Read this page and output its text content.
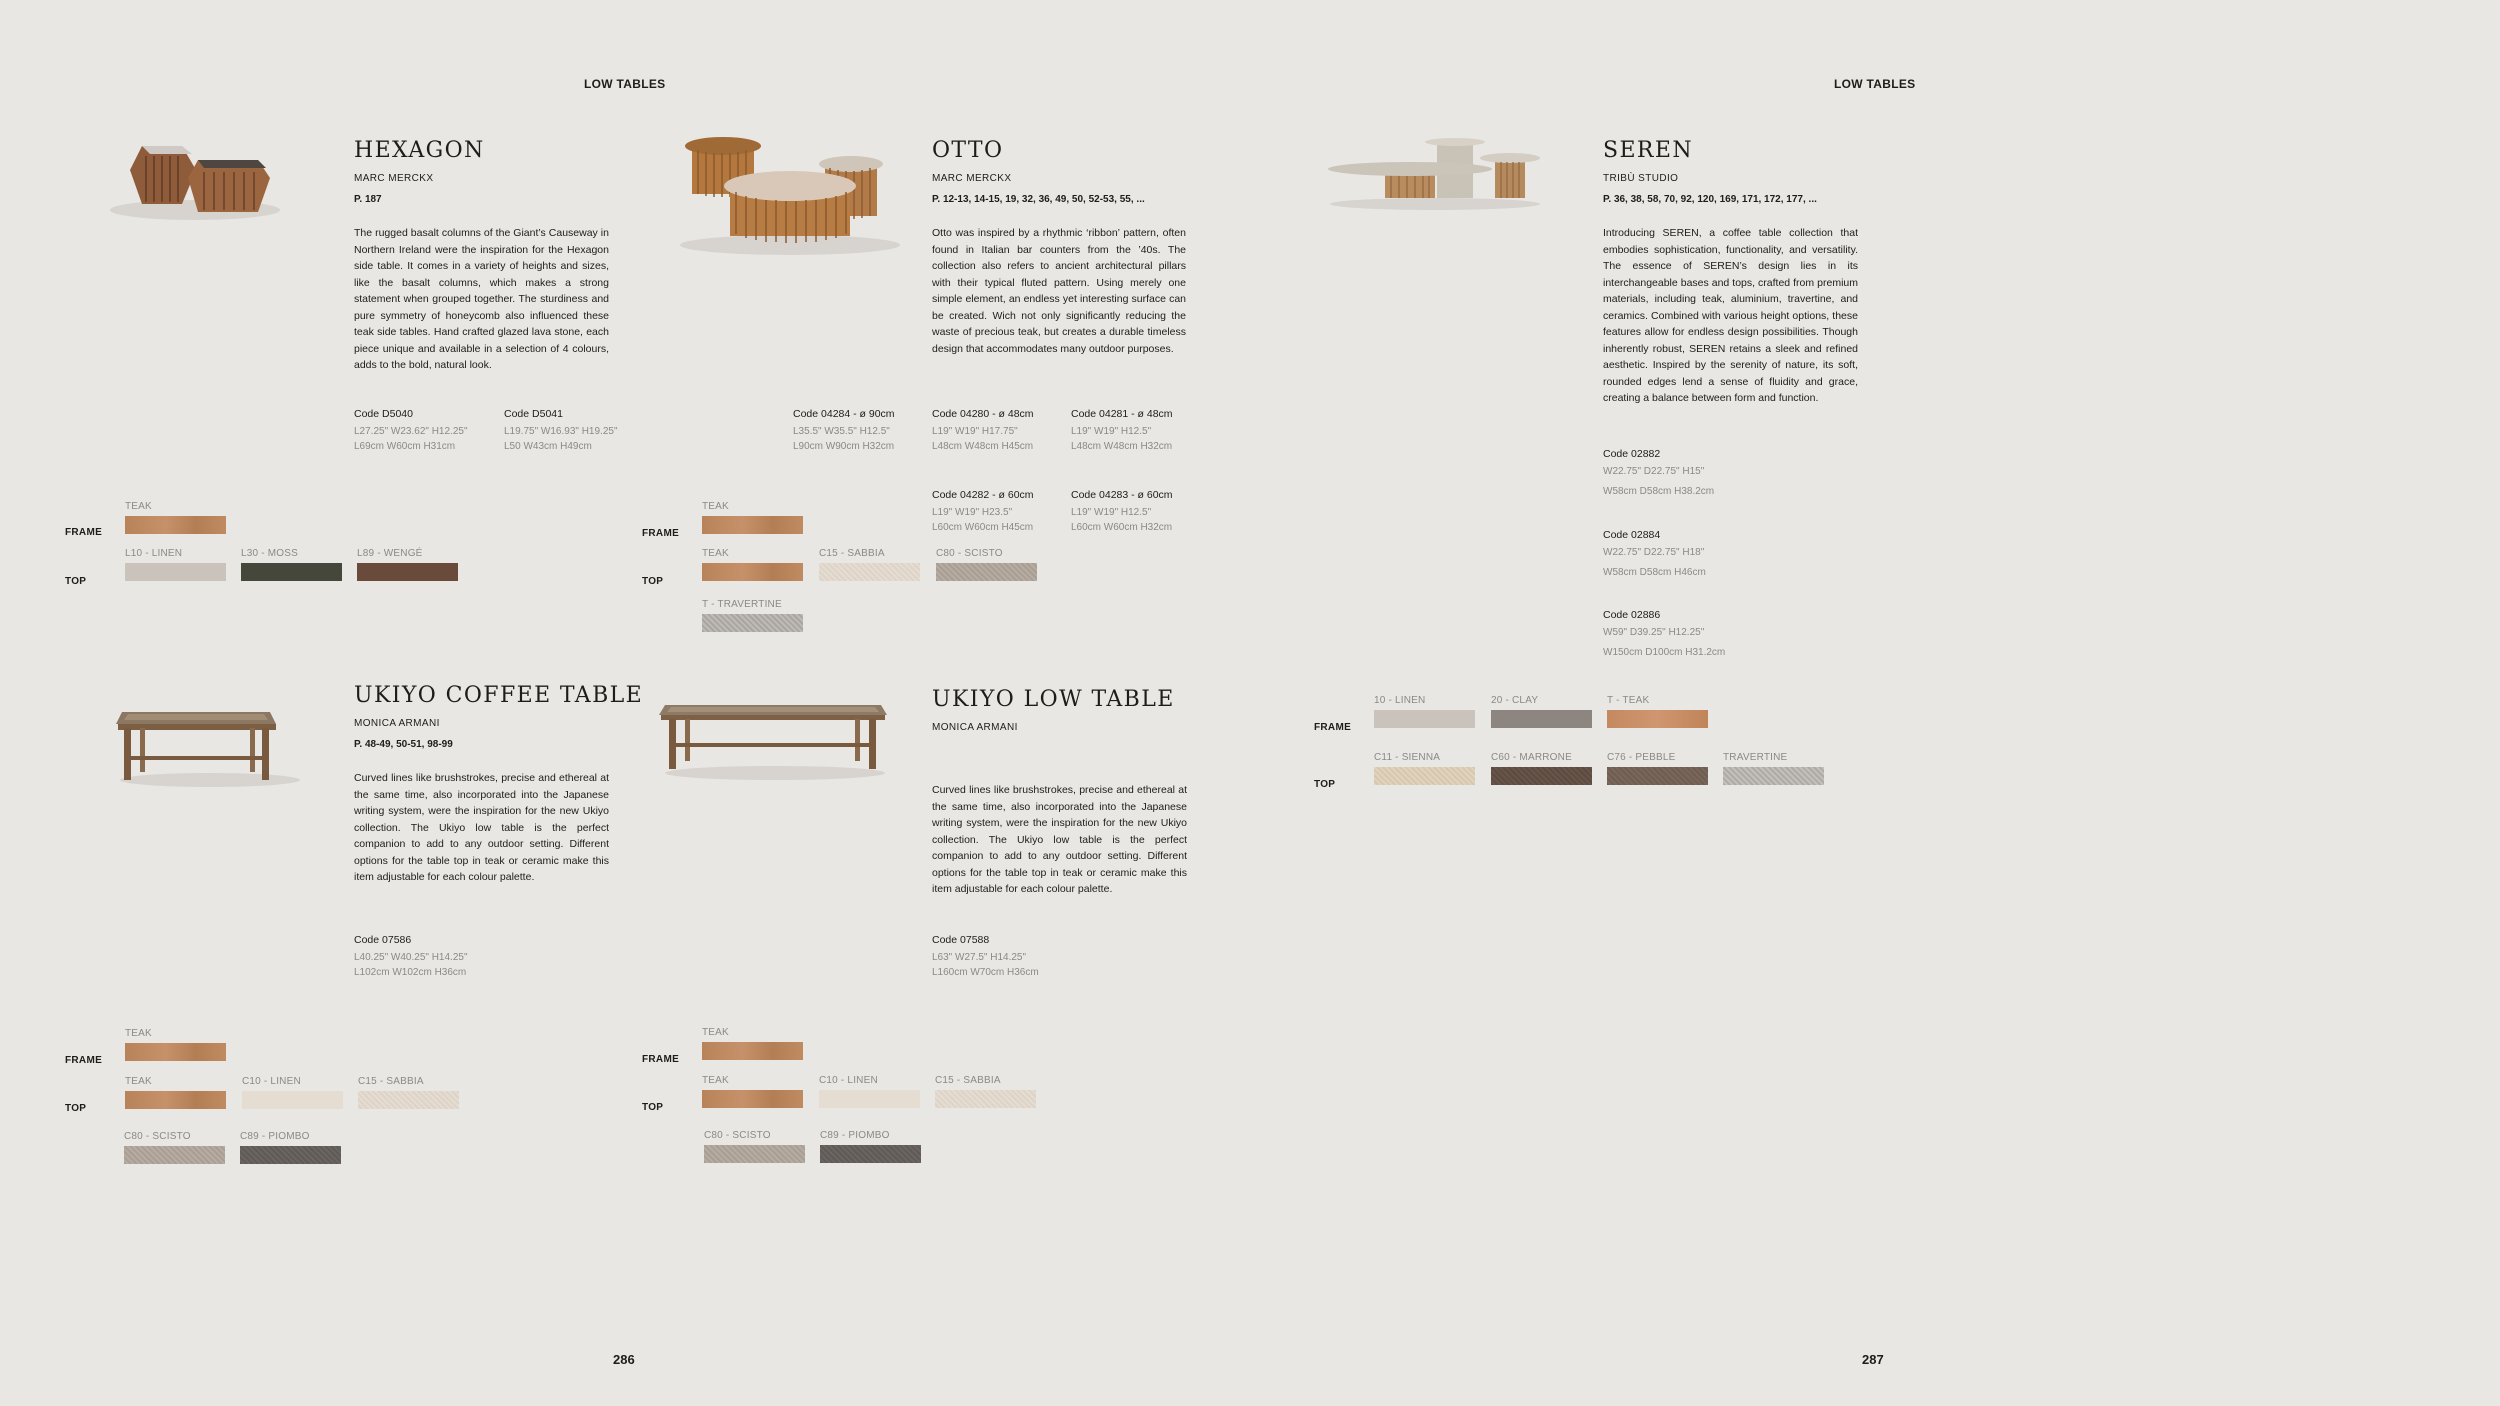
LOW TABLES	LOW TABLES
HEXAGON
MARC MERCKX
P. 187
The rugged basalt columns of the Giant’s Causeway in Northern Ireland were the inspiration for the Hexagon side table. It comes in a variety of heights and sizes, like the basalt columns, which makes a strong statement when grouped together. The sturdiness and pure symmetry of honeycomb also influenced these teak side tables. Hand crafted glazed lava stone, each piece unique and available in a selection of 4 colours, adds to the bold, natural look.
Code D5040
L27.25" W23.62" H12.25"
L69cm W60cm H31cm
Code D5041
L19.75" W16.93" H19.25"
L50 W43cm H49cm
FRAME
TOP
TEAK
L10 - LINEN	L30 - MOSS	L89 - WENGÉ
OTTO
MARC MERCKX
P. 12-13, 14-15, 19, 32, 36, 49, 50, 52-53, 55, ...
Otto was inspired by a rhythmic ‘ribbon’ pattern, often found in Italian bar counters from the ’40s. The collection also refers to ancient architectural pillars with their typical fluted pattern. Using merely one simple element, an endless yet interesting surface can be created. Wich not only significantly reducing the waste of precious teak, but creates a durable timeless design that accommodates many outdoor purposes.
Code 04284 - ø 90cm
L35.5" W35.5" H12.5"
L90cm W90cm H32cm
Code 04280 - ø 48cm
L19" W19" H17.75"
L48cm W48cm H45cm
Code 04281 - ø 48cm
L19" W19" H12.5"
L48cm W48cm H32cm
Code 04282 - ø 60cm
L19" W19" H23.5"
L60cm W60cm H45cm
Code 04283 - ø 60cm
L19" W19" H12.5"
L60cm W60cm H32cm
FRAME
TOP
TEAK
TEAK	C15 - SABBIA	C80 - SCISTO
T - TRAVERTINE
SEREN
TRIBÙ STUDIO
P. 36, 38, 58, 70, 92, 120, 169, 171, 172, 177, ...
Introducing SEREN, a coffee table collection that embodies sophistication, functionality, and versatility. The essence of SEREN’s design lies in its interchangeable bases and tops, crafted from premium materials, including teak, aluminium, travertine, and ceramics. Combined with various height options, these features allow for endless design possibilities. Though inherently robust, SEREN retains a sleek and refined aesthetic. Inspired by the serenity of nature, its soft, rounded edges lend a sense of fluidity and grace, creating a balance between form and function.
Code 02882
W22.75" D22.75" H15"
W58cm D58cm H38.2cm
Code 02884
W22.75" D22.75" H18"
W58cm D58cm H46cm
Code 02886
W59" D39.25" H12.25"
W150cm D100cm H31.2cm
FRAME
TOP
10 - LINEN	20 - CLAY	T - TEAK
C11 - SIENNA	C60 - MARRONE	C76 - PEBBLE	TRAVERTINE
UKIYO COFFEE TABLE
MONICA ARMANI
P. 48-49, 50-51, 98-99
Curved lines like brushstrokes, precise and ethereal at the same time, also incorporated into the Japanese writing system, were the inspiration for the new Ukiyo collection. The Ukiyo low table is the perfect companion to add to any outdoor setting. Different options for the table top in teak or ceramic make this item adjustable for each colour palette.
Code 07586
L40.25" W40.25" H14.25"
L102cm W102cm H36cm
FRAME
TOP
TEAK
TEAK	C10 - LINEN	C15 - SABBIA
C80 - SCISTO	C89 - PIOMBO
UKIYO LOW TABLE
MONICA ARMANI
Curved lines like brushstrokes, precise and ethereal at the same time, also incorporated into the Japanese writing system, were the inspiration for the new Ukiyo collection. The Ukiyo low table is the perfect companion to add to any outdoor setting. Different options for the table top in teak or ceramic make this item adjustable for each colour palette.
Code 07588
L63" W27.5" H14.25"
L160cm W70cm H36cm
FRAME
TOP
TEAK
TEAK	C10 - LINEN	C15 - SABBIA
C80 - SCISTO	C89 - PIOMBO
286	287
